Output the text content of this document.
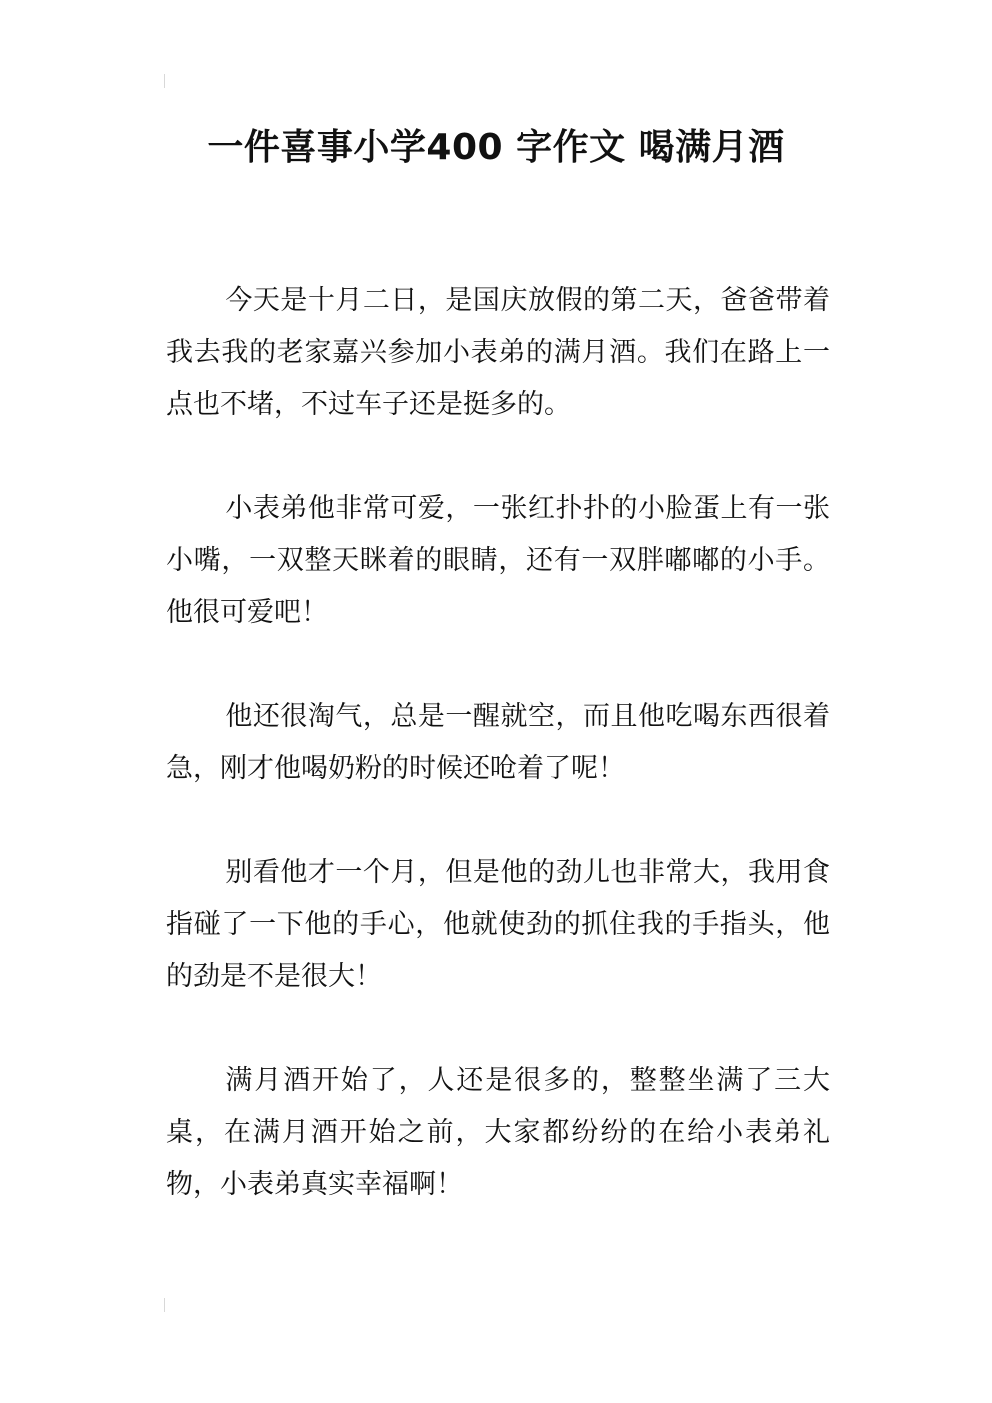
一件喜事小学400 字作文 喝满月酒

今天是十月二日，是国庆放假的第二天，爸爸带着我去我的老家嘉兴参加小表弟的满月酒。我们在路上一点也不堵，不过车子还是挺多的。

小表弟他非常可爱，一张红扑扑的小脸蛋上有一张小嘴，一双整天眯着的眼睛，还有一双胖嘟嘟的小手。他很可爱吧！

他还很淘气，总是一醒就空，而且他吃喝东西很着急，刚才他喝奶粉的时候还呛着了呢！

别看他才一个月，但是他的劲儿也非常大，我用食指碰了一下他的手心，他就使劲的抓住我的手指头，他的劲是不是很大！

满月酒开始了，人还是很多的，整整坐满了三大桌，在满月酒开始之前，大家都纷纷的在给小表弟礼物，小表弟真实幸福啊！
